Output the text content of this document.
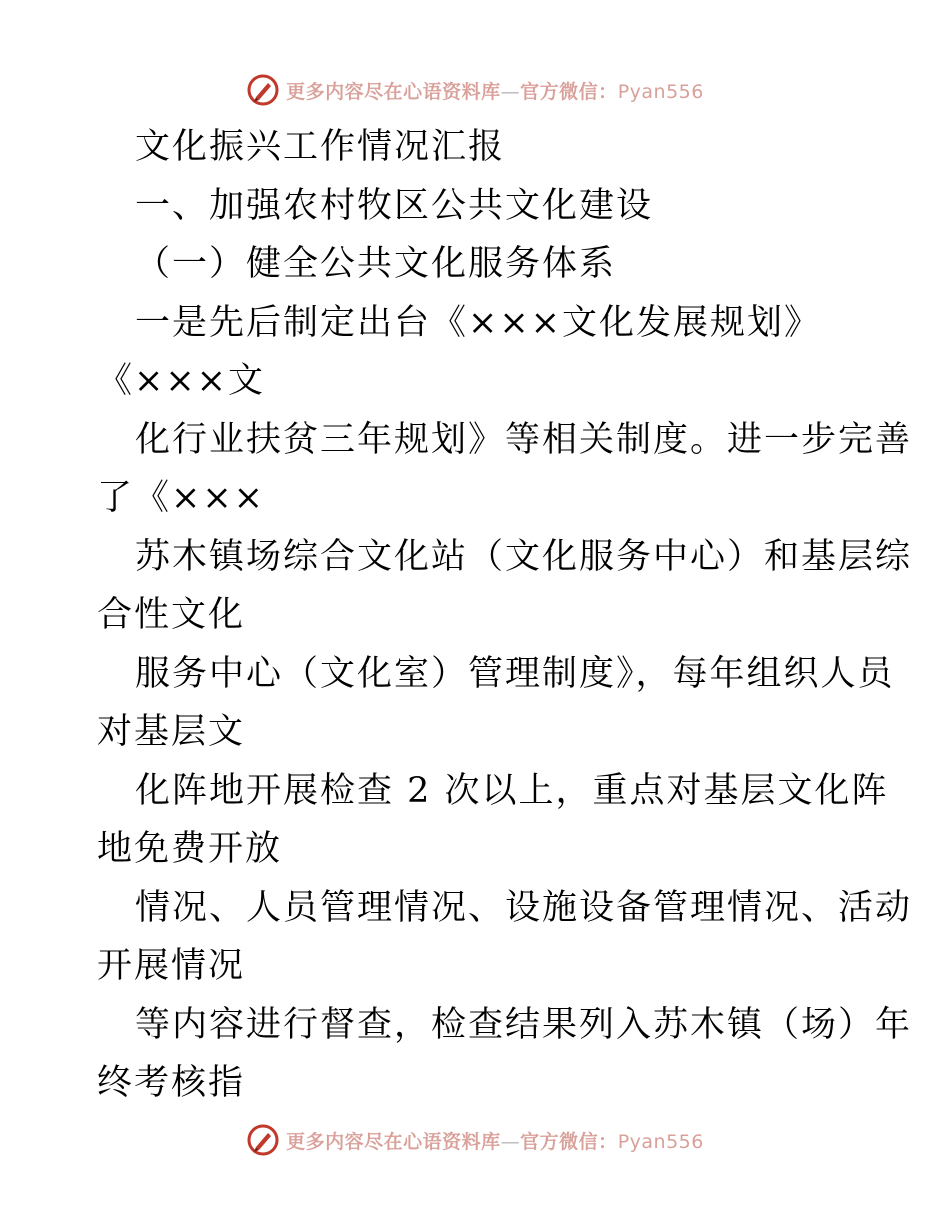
更多内容尽在心语资料库—官方微信：Pyan556
文化振兴工作情况汇报
一、加强农村牧区公共文化建设
（一）健全公共文化服务体系
一是先后制定出台《×××文化发展规划》
《×××文
化行业扶贫三年规划》等相关制度。进一步完善
了《×××
苏木镇场综合文化站（文化服务中心）和基层综
合性文化
服务中心（文化室）管理制度》，每年组织人员
对基层文
化阵地开展检查 2 次以上，重点对基层文化阵
地免费开放
情况、人员管理情况、设施设备管理情况、活动
开展情况
等内容进行督查，检查结果列入苏木镇（场）年
终考核指
更多内容尽在心语资料库—官方微信：Pyan556
